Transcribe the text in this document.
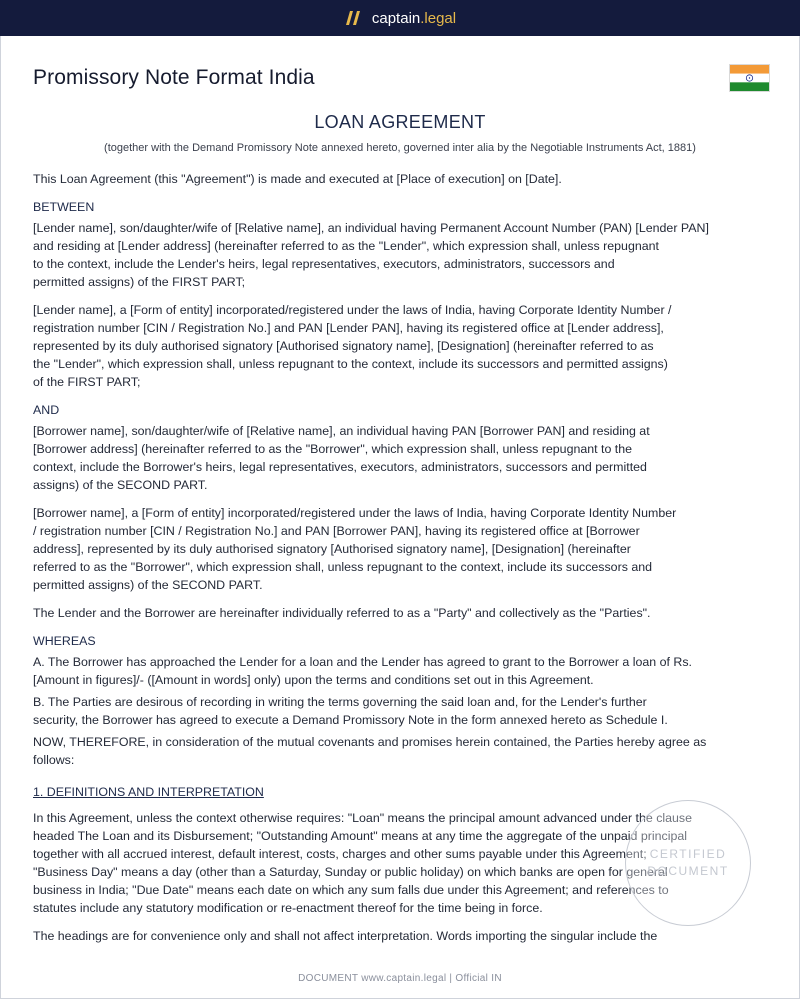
captain.legal
Promissory Note Format India
LOAN AGREEMENT
(together with the Demand Promissory Note annexed hereto, governed inter alia by the Negotiable Instruments Act, 1881)

This Loan Agreement (this "Agreement") is made and executed at [Place of execution] on [Date].

BETWEEN

[Lender name], son/daughter/wife of [Relative name], an individual having Permanent Account Number (PAN) [Lender PAN]
and residing at [Lender address] (hereinafter referred to as the "Lender", which expression shall, unless repugnant
to the context, include the Lender's heirs, legal representatives, executors, administrators, successors and
permitted assigns) of the FIRST PART;

[Lender name], a [Form of entity] incorporated/registered under the laws of India, having Corporate Identity Number /
registration number [CIN / Registration No.] and PAN [Lender PAN], having its registered office at [Lender address],
represented by its duly authorised signatory [Authorised signatory name], [Designation] (hereinafter referred to as
the "Lender", which expression shall, unless repugnant to the context, include its successors and permitted assigns)
of the FIRST PART;

AND

[Borrower name], son/daughter/wife of [Relative name], an individual having PAN [Borrower PAN] and residing at
[Borrower address] (hereinafter referred to as the "Borrower", which expression shall, unless repugnant to the
context, include the Borrower's heirs, legal representatives, executors, administrators, successors and permitted
assigns) of the SECOND PART.

[Borrower name], a [Form of entity] incorporated/registered under the laws of India, having Corporate Identity Number
/ registration number [CIN / Registration No.] and PAN [Borrower PAN], having its registered office at [Borrower
address], represented by its duly authorised signatory [Authorised signatory name], [Designation] (hereinafter
referred to as the "Borrower", which expression shall, unless repugnant to the context, include its successors and
permitted assigns) of the SECOND PART.

The Lender and the Borrower are hereinafter individually referred to as a "Party" and collectively as the "Parties".

WHEREAS

A. The Borrower has approached the Lender for a loan and the Lender has agreed to grant to the Borrower a loan of Rs.
[Amount in figures]/- ([Amount in words] only) upon the terms and conditions set out in this Agreement.

B. The Parties are desirous of recording in writing the terms governing the said loan and, for the Lender's further
security, the Borrower has agreed to execute a Demand Promissory Note in the form annexed hereto as Schedule I.

NOW, THEREFORE, in consideration of the mutual covenants and promises herein contained, the Parties hereby agree as
follows:

1. DEFINITIONS AND INTERPRETATION

In this Agreement, unless the context otherwise requires: "Loan" means the principal amount advanced under the clause
headed The Loan and its Disbursement; "Outstanding Amount" means at any time the aggregate of the unpaid principal
together with all accrued interest, default interest, costs, charges and other sums payable under this Agreement;
"Business Day" means a day (other than a Saturday, Sunday or public holiday) on which banks are open for general
business in India; "Due Date" means each date on which any sum falls due under this Agreement; and references to
statutes include any statutory modification or re-enactment thereof for the time being in force.

The headings are for convenience only and shall not affect interpretation. Words importing the singular include the

CERTIFIED
DOCUMENT
DOCUMENT www.captain.legal | Official IN
